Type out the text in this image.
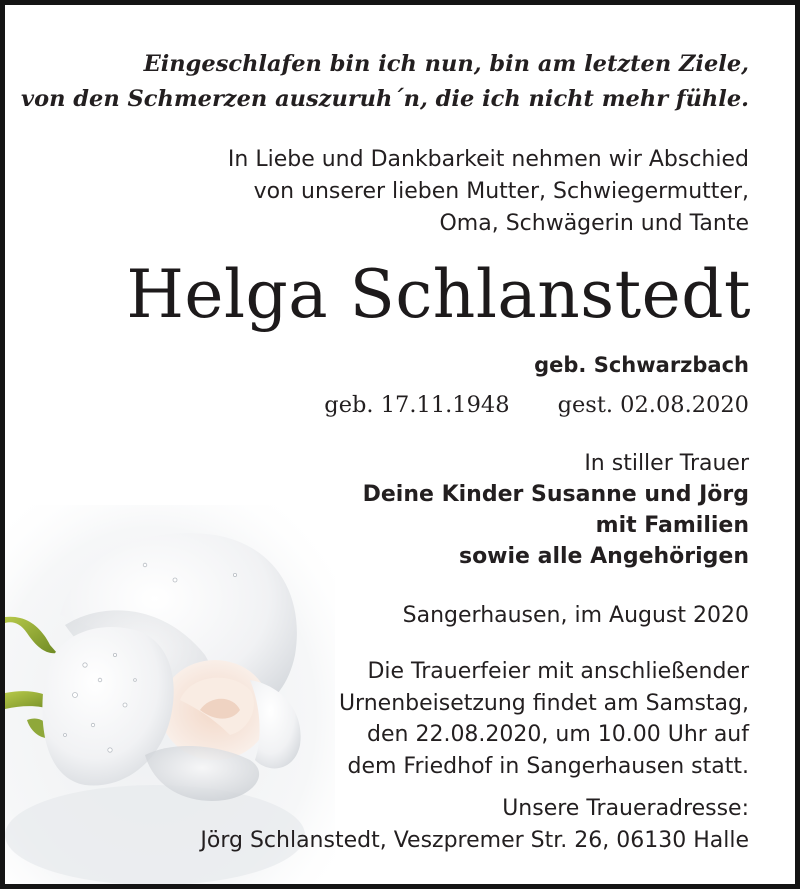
Eingeschlafen bin ich nun, bin am letzten Ziele,
von den Schmerzen auszuruh´n, die ich nicht mehr fühle.
In Liebe und Dankbarkeit nehmen wir Abschied
von unserer lieben Mutter, Schwiegermutter,
Oma, Schwägerin und Tante
Helga Schlanstedt
geb. Schwarzbach
geb. 17.11.1948 gest. 02.08.2020
In stiller Trauer
Deine Kinder Susanne und Jörg
mit Familien
sowie alle Angehörigen
Sangerhausen, im August 2020
Die Trauerfeier mit anschließender
Urnenbeisetzung findet am Samstag,
den 22.08.2020, um 10.00 Uhr auf
dem Friedhof in Sangerhausen statt.
Unsere Traueradresse:
Jörg Schlanstedt, Veszpremer Str. 26, 06130 Halle
